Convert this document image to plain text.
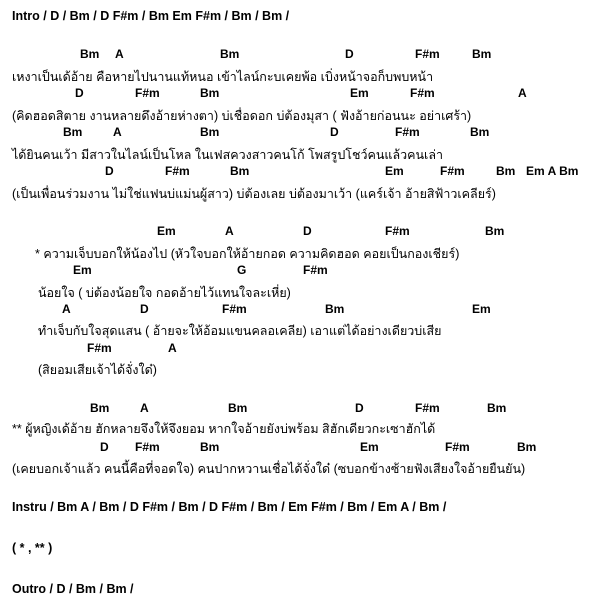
Intro / D / Bm / D F#m / Bm Em F#m / Bm / Bm /
Bm A	Bm	D	F#m	Bm
เหงาเป็นเด้อ้าย คือหายไปนานแท้หนอ เข้าไลน์กะบเคยพ้อ เบิ่งหน้าจอก็บพบหน้า
D	F#m	Bm	Em	F#m	A
(คิดฮอดสิตาย งานหลายดึงอ้ายห่างตา) บ่เชื่อดอก บ่ต้องมุสา ( ฟังอ้ายก่อนนะ อย่าเศร้า)
Bm	A	Bm	D	F#m	Bm
ได้ยินคนเว้า มีสาวในไลน์เป็นโหล ในเฟสควงสาวคนโก้ โพสรูปโชว์คนแล้วคนเล่า
D	F#m	Bm	Em	F#m	Bm Em A Bm
(เป็นเพื่อนร่วมงาน ไม่ใช่แฟนบ่แม่นผู้สาว) บ่ต้องเลย บ่ต้องมาเว้า (แคร์เจ้า อ้ายสิฟ้าวเคลียร์)
Em	A	D	F#m	Bm
* ความเจ็บบอกให้น้องไป (หัวใจบอกให้อ้ายกอด ความคิดฮอด คอยเป็นกองเชียร์)
Em	G	F#m
น้อยใจ ( บ่ต้องน้อยใจ กอดอ้ายไว้แทนใจละเหี่ย)
A	D	F#m	Bm	Em
ทำเจ็บกับใจสุดแสน ( อ้ายจะให้อ้อมแขนคลอเคลีย) เอาแต่ได้อย่างเดียวบ่เสีย
F#m	A
(สิยอมเสียเจ้าได้จั่งใด๋)
Bm	A	Bm	D	F#m	Bm
** ผู้หญิงเด้อ้าย ฮักหลายจึงให้จึงยอม หากใจอ้ายยังบ่พร้อม สิฮักเดียวกะเซาฮักได้
D F#m	Bm	Em	F#m	Bm
(เคยบอกเจ้าแล้ว คนนี้คือที่จอดใจ) คนปากหวานเชื่อได้จั่งใด๋ (ซบอกข้างซ้ายฟังเสียงใจอ้ายยืนยัน)
Instru / Bm A / Bm / D F#m / Bm / D F#m / Bm / Em F#m / Bm / Em A / Bm /
( * , ** )
Outro / D / Bm / Bm /
